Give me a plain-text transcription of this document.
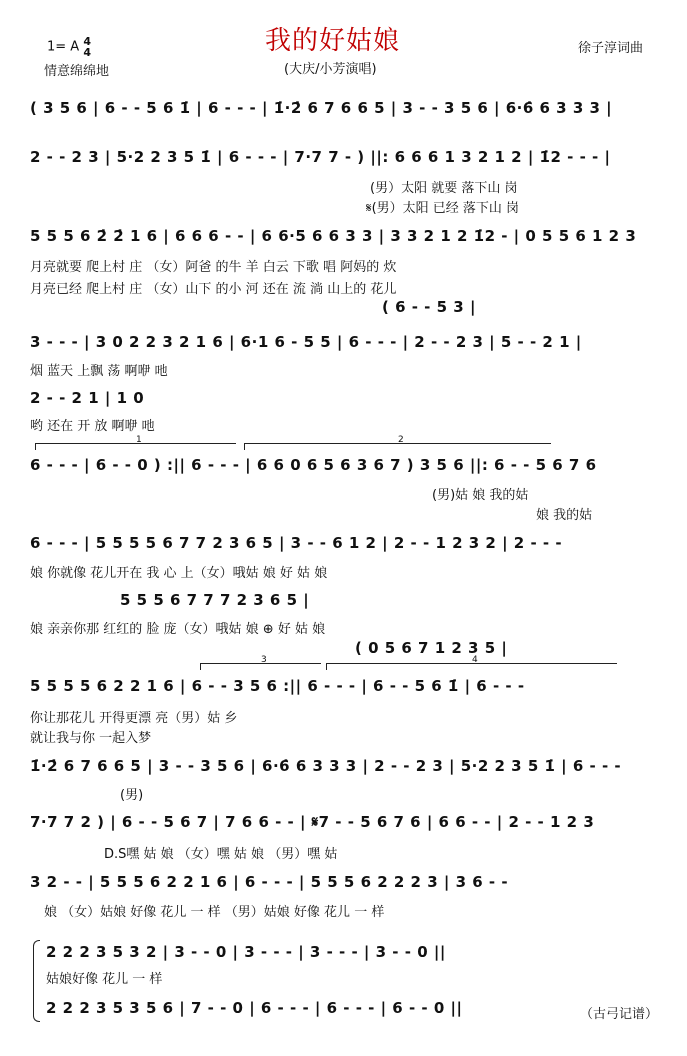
1= A 4
4
情意绵绵地
我的好姑娘
(大庆/小芳演唱)
徐子淳词曲
( 3 5 6 | 6 - - 5 6 1̇ | 6 - - - | 1̇·2̇ 6 7 6 6 5 | 3 - - 3 5 6 | 6·6̇ 6 3 3 3 |
2 - - 2 3 | 5·2 2 3 5 1̇ | 6 - - - | 7·7 7 - ) ||: 6 6 6 1 3 2 1 2 | 1̇2 - - - |
(男）太阳 就要 落下山 岗
𝄋(男）太阳 已经 落下山 岗
5 5 5 6 2̇ 2̇ 1 6 | 6 6 6 - - | 6 6·5 6 6 3 3 | 3 3 2 1 2 1̇2 - | 0 5 5 6 1 2 3
月亮就要 爬上村 庄 （女）阿爸 的牛 羊 白云 下歌 唱 阿妈的 炊
月亮已经 爬上村 庄 （女）山下 的小 河 还在 流 淌 山上的 花儿
( 6 - - 5 3 |
3 - - - | 3 0 2 2 3 2 1 6 | 6·1 6 - 5 5 | 6 - - - | 2 - - 2 3 | 5 - - 2 1 |
烟 蓝天 上飘 荡 啊咿 吔
2 - - 2 1 | 1 0
哟 还在 开 放 啊咿 吔
1	2
6 - - - | 6 - - 0 ) :|| 6 - - - | 6 6 0 6 5 6 3 6 7 ) 3 5 6 ||: 6 - - 5 6 7 6
(男)姑 娘 我的姑
娘 我的姑
6 - - - | 5 5 5 5 6 7 7 2 3 6 5 | 3 - - 6 1 2 | 2 - - 1 2 3 2 | 2 - - -
娘 你就像 花儿开在 我 心 上（女）哦姑 娘 好 姑 娘
5 5 5 6 7 7 7 2 3 6 5 |
娘 亲亲你那 红红的 脸 庞（女）哦姑 娘 ⊕ 好 姑 娘
( 0 5 6 7 1 2 3 5 |
3	4
5 5 5 5 6 2 2 1 6 | 6 - - 3 5 6 :|| 6 - - - | 6 - - 5 6 1̇ | 6 - - -
你让那花儿 开得更漂 亮（男）姑 乡
就让我与你 一起入梦
1̇·2̇ 6 7 6 6 5 | 3 - - 3 5 6 | 6·6̇ 6 3 3 3 | 2 - - 2 3 | 5·2 2 3 5 1̇ | 6 - - -
(男)
7·7 7 2 ) | 6 - - 5 6 7 | 7 6 6 - - | 𝄋7 - - 5 6 7 6 | 6 6 - - | 2 - - 1 2 3
D.S嘿 姑 娘 （女）嘿 姑 娘 （男）嘿 姑
3 2 - - | 5 5 5 6 2 2 1 6 | 6 - - - | 5 5 5 6 2 2 2 3 | 3 6 - -
娘 （女）姑娘 好像 花儿 一 样 （男）姑娘 好像 花儿 一 样
2 2 2 3 5 3 2 | 3 - - 0 | 3 - - - | 3 - - - | 3 - - 0 ||
姑娘好像 花儿 一 样
2 2 2 3 5 3 5 6 | 7 - - 0 | 6 - - - | 6 - - - | 6 - - 0 ||	（古弓记谱）
